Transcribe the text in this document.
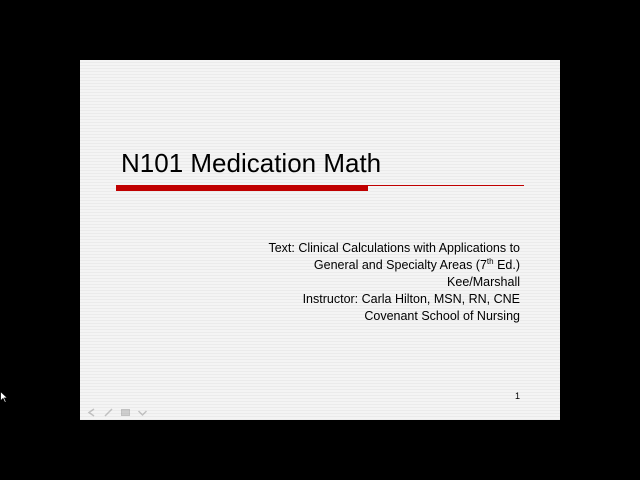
N101 Medication Math
Text: Clinical Calculations with Applications to
General and Specialty Areas (7th Ed.)
Kee/Marshall
Instructor: Carla Hilton, MSN, RN, CNE
Covenant School of Nursing
1
